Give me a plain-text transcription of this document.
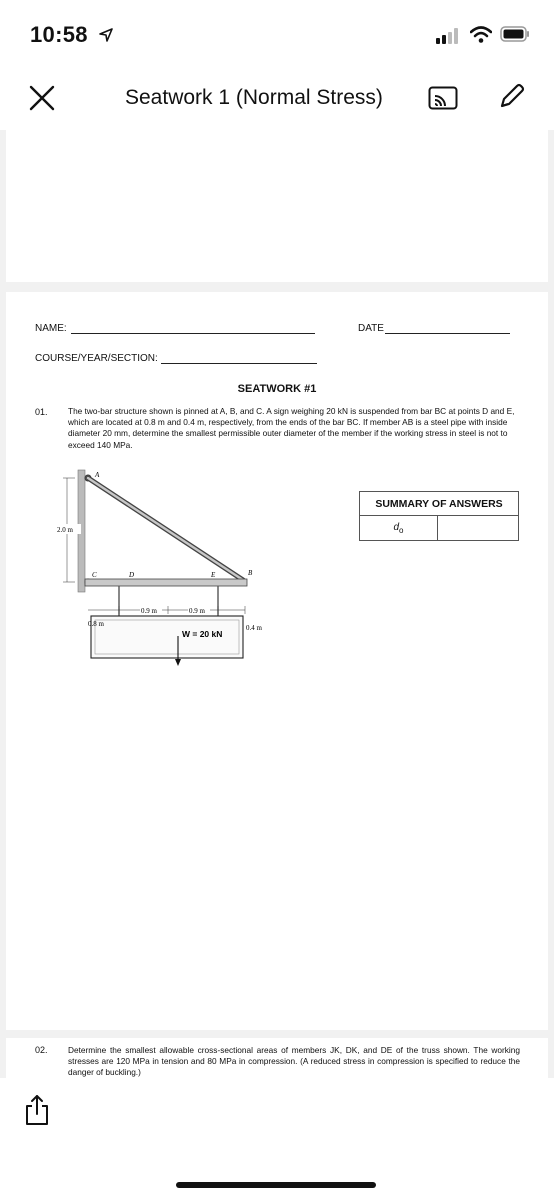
10:58
Seatwork 1 (Normal Stress)
NAME:	DATE
COURSE/YEAR/SECTION:
SEATWORK #1
01. The two-bar structure shown is pinned at A, B, and C. A sign weighing 20 kN is suspended from bar BC at points D and E, which are located at 0.8 m and 0.4 m, respectively, from the ends of the bar BC. If member AB is a steel pipe with inside diameter 20 mm, determine the smallest permissible outer diameter of the member if the working stress in steel is not to exceed 140 MPa.
SUMMARY OF ANSWERS
$d_o$	
A
C	D	E	B
2.0 m
0.9 m	0.9 m
0.8 m	0.4 m
W = 20 kN
02. Determine the smallest allowable cross-sectional areas of members JK, DK, and DE of the truss shown. The working stresses are 120 MPa in tension and 80 MPa in compression. (A reduced stress in compression is specified to reduce the danger of buckling.)
